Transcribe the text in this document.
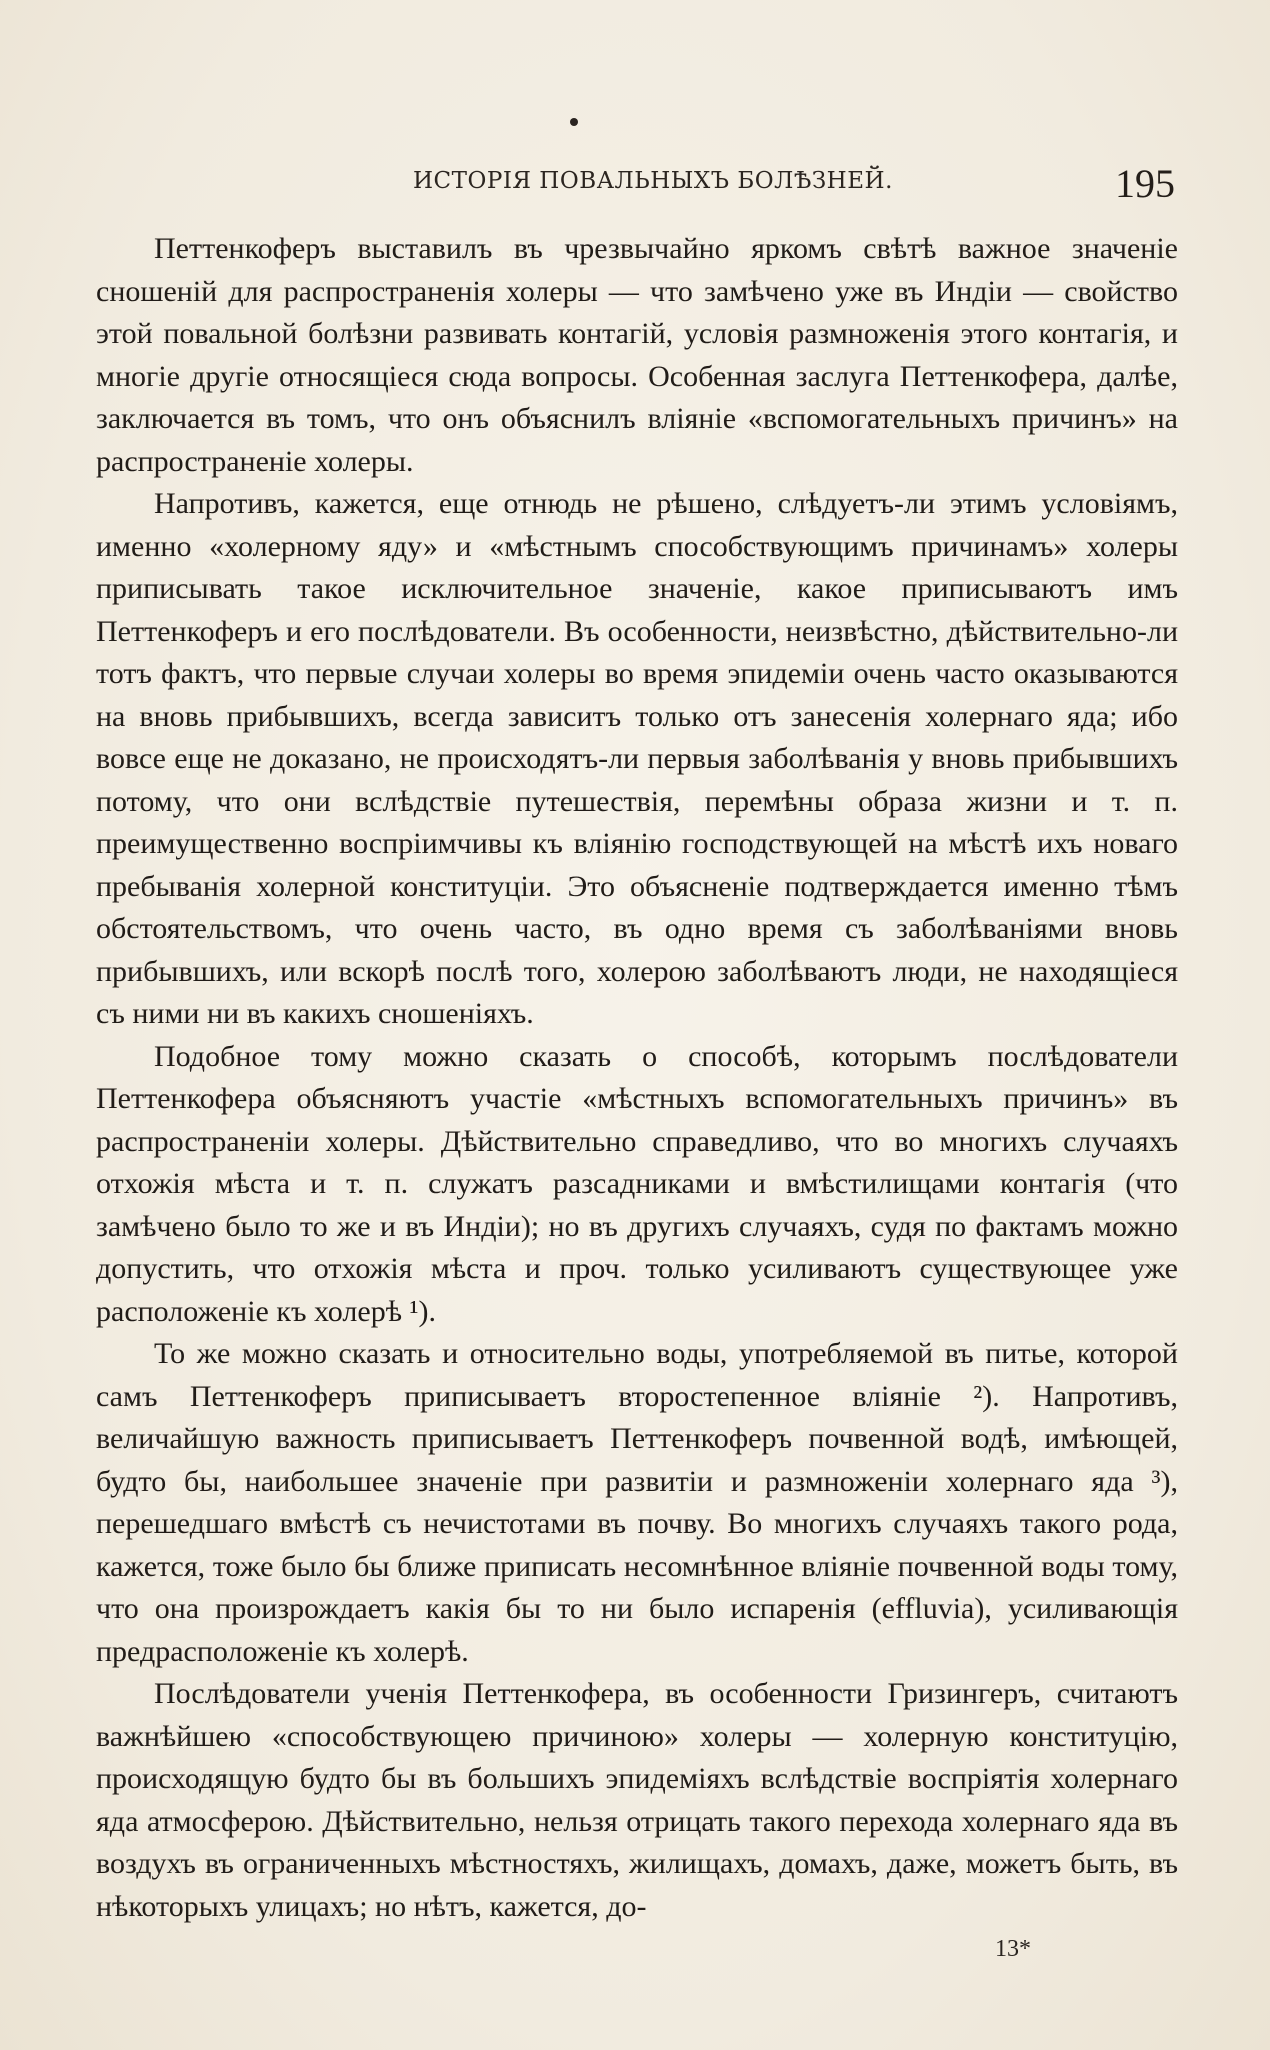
ИСТОРІЯ ПОВАЛЬНЫХЪ БОЛѢЗНЕЙ.	195

Петтенкоферъ выставилъ въ чрезвычайно яркомъ свѣтѣ важное значеніе сношеній для распространенія холеры — что замѣчено уже въ Индіи — свойство этой повальной болѣзни развивать контагій, условія размноженія этого контагія, и многіе другіе относящіеся сюда вопросы. Особенная заслуга Петтенкофера, далѣе, заключается въ томъ, что онъ объяснилъ вліяніе «вспомогательныхъ причинъ» на распространеніе холеры.

Напротивъ, кажется, еще отнюдь не рѣшено, слѣдуетъ-ли этимъ условіямъ, именно «холерному яду» и «мѣстнымъ способствующимъ причинамъ» холеры приписывать такое исключительное значеніе, какое приписываютъ имъ Петтенкоферъ и его послѣдователи. Въ особенности, неизвѣстно, дѣйствительно-ли тотъ фактъ, что первые случаи холеры во время эпидеміи очень часто оказываются на вновь прибывшихъ, всегда зависитъ только отъ занесенія холернаго яда; ибо вовсе еще не доказано, не происходятъ-ли первыя заболѣванія у вновь прибывшихъ потому, что они вслѣдствіе путешествія, перемѣны образа жизни и т. п. преимущественно воспріимчивы къ вліянію господствующей на мѣстѣ ихъ новаго пребыванія холерной конституціи. Это объясненіе подтверждается именно тѣмъ обстоятельствомъ, что очень часто, въ одно время съ заболѣваніями вновь прибывшихъ, или вскорѣ послѣ того, холерою заболѣваютъ люди, не находящіеся съ ними ни въ какихъ сношеніяхъ.

Подобное тому можно сказать о способѣ, которымъ послѣдователи Петтенкофера объясняютъ участіе «мѣстныхъ вспомогательныхъ причинъ» въ распространеніи холеры. Дѣйствительно справедливо, что во многихъ случаяхъ отхожія мѣста и т. п. служатъ разсадниками и вмѣстилищами контагія (что замѣчено было то же и въ Индіи); но въ другихъ случаяхъ, судя по фактамъ можно допустить, что отхожія мѣста и проч. только усиливаютъ существующее уже расположеніе къ холерѣ ¹).

То же можно сказать и относительно воды, употребляемой въ питье, которой самъ Петтенкоферъ приписываетъ второстепенное вліяніе ²). Напротивъ, величайшую важность приписываетъ Петтенкоферъ почвенной водѣ, имѣющей, будто бы, наибольшее значеніе при развитіи и размноженіи холернаго яда ³), перешедшаго вмѣстѣ съ нечистотами въ почву. Во многихъ случаяхъ такого рода, кажется, тоже было бы ближе приписать несомнѣнное вліяніе почвенной воды тому, что она произрождаетъ какія бы то ни было испаренія (effluvia), усиливающія предрасположеніе къ холерѣ.

Послѣдователи ученія Петтенкофера, въ особенности Гризингеръ, считаютъ важнѣйшею «способствующею причиною» холеры — холерную конституцію, происходящую будто бы въ большихъ эпидеміяхъ вслѣдствіе воспріятія холернаго яда атмосферою. Дѣйствительно, нельзя отрицать такого перехода холернаго яда въ воздухъ въ ограниченныхъ мѣстностяхъ, жилищахъ, домахъ, даже, можетъ быть, въ нѣкоторыхъ улицахъ; но нѣтъ, кажется, до-

13*
